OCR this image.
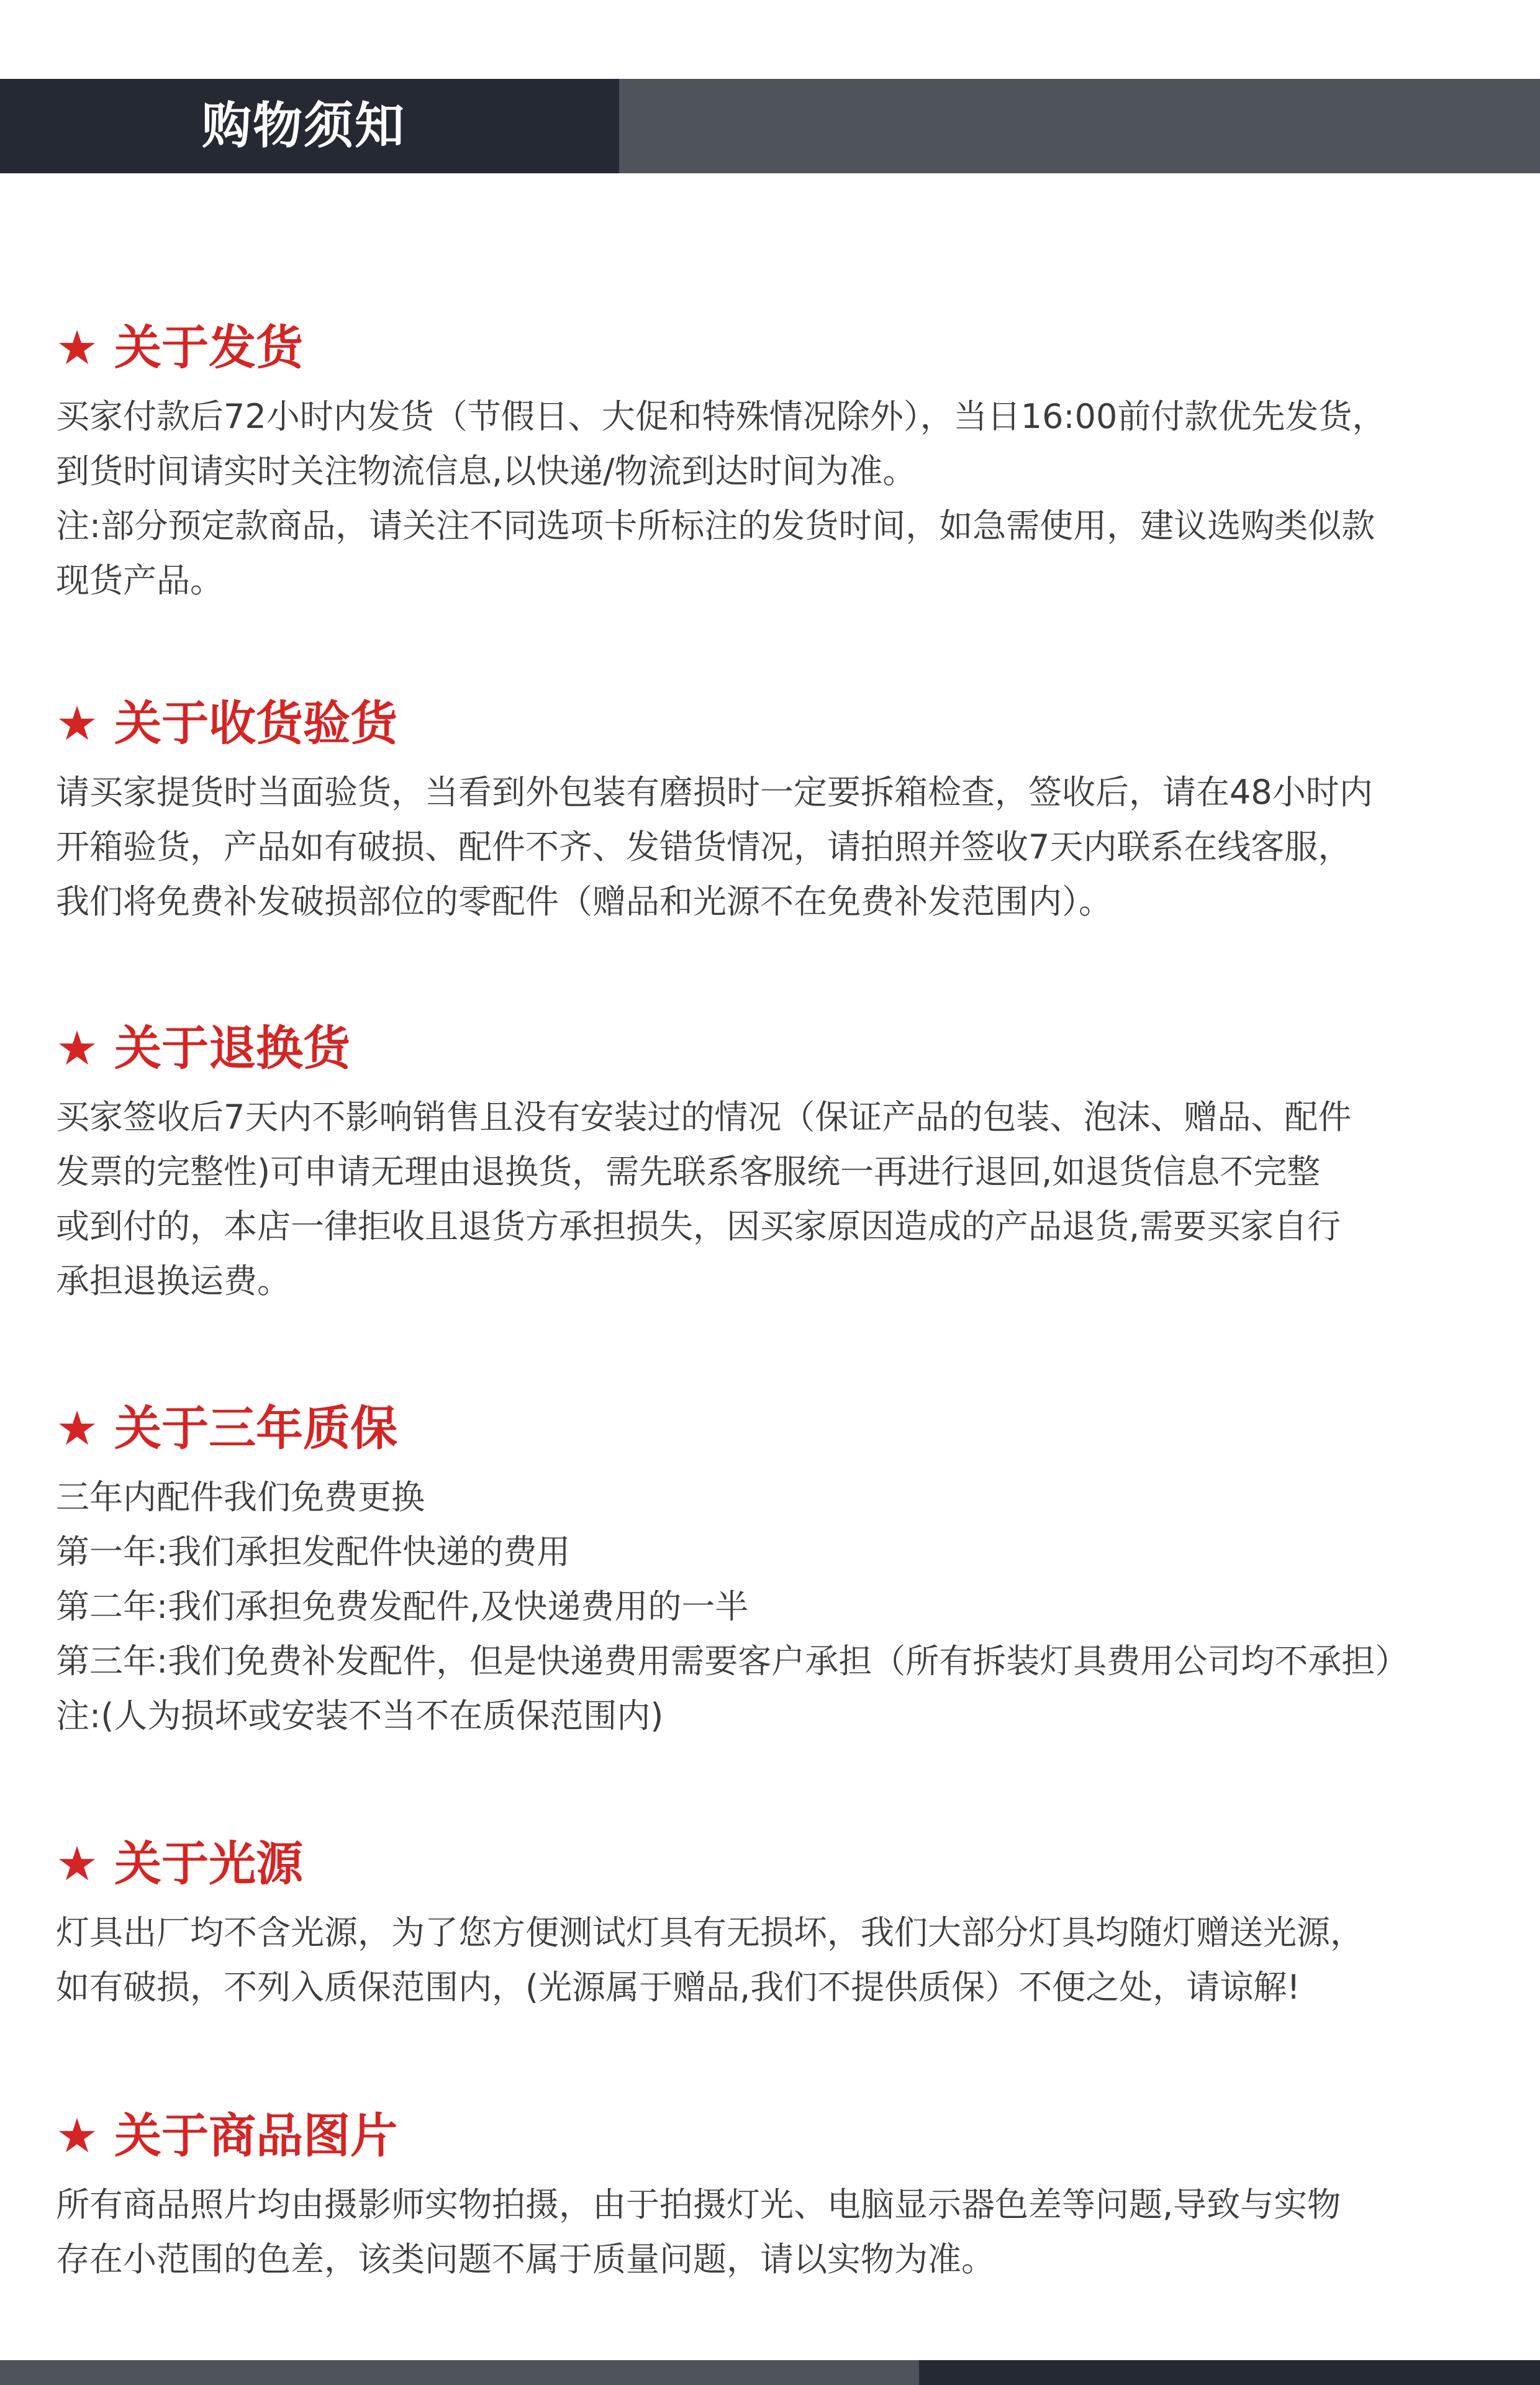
购物须知
★ 关于发货
买家付款后72小时内发货（节假日、大促和特殊情况除外），当日16:00前付款优先发货，
到货时间请实时关注物流信息,以快递/物流到达时间为准。
注:部分预定款商品，请关注不同选项卡所标注的发货时间，如急需使用，建议选购类似款
现货产品。
★ 关于收货验货
请买家提货时当面验货，当看到外包装有磨损时一定要拆箱检查，签收后，请在48小时内
开箱验货，产品如有破损、配件不齐、发错货情况，请拍照并签收7天内联系在线客服，
我们将免费补发破损部位的零配件（赠品和光源不在免费补发范围内）。
★ 关于退换货
买家签收后7天内不影响销售且没有安装过的情况（保证产品的包装、泡沫、赠品、配件
发票的完整性)可申请无理由退换货，需先联系客服统一再进行退回,如退货信息不完整
或到付的，本店一律拒收且退货方承担损失，因买家原因造成的产品退货,需要买家自行
承担退换运费。
★ 关于三年质保
三年内配件我们免费更换
第一年:我们承担发配件快递的费用
第二年:我们承担免费发配件,及快递费用的一半
第三年:我们免费补发配件，但是快递费用需要客户承担（所有拆装灯具费用公司均不承担）
注:(人为损坏或安装不当不在质保范围内)
★ 关于光源
灯具出厂均不含光源，为了您方便测试灯具有无损坏，我们大部分灯具均随灯赠送光源，
如有破损，不列入质保范围内，(光源属于赠品,我们不提供质保）不便之处，请谅解!
★ 关于商品图片
所有商品照片均由摄影师实物拍摄，由于拍摄灯光、电脑显示器色差等问题,导致与实物
存在小范围的色差，该类问题不属于质量问题，请以实物为准。
